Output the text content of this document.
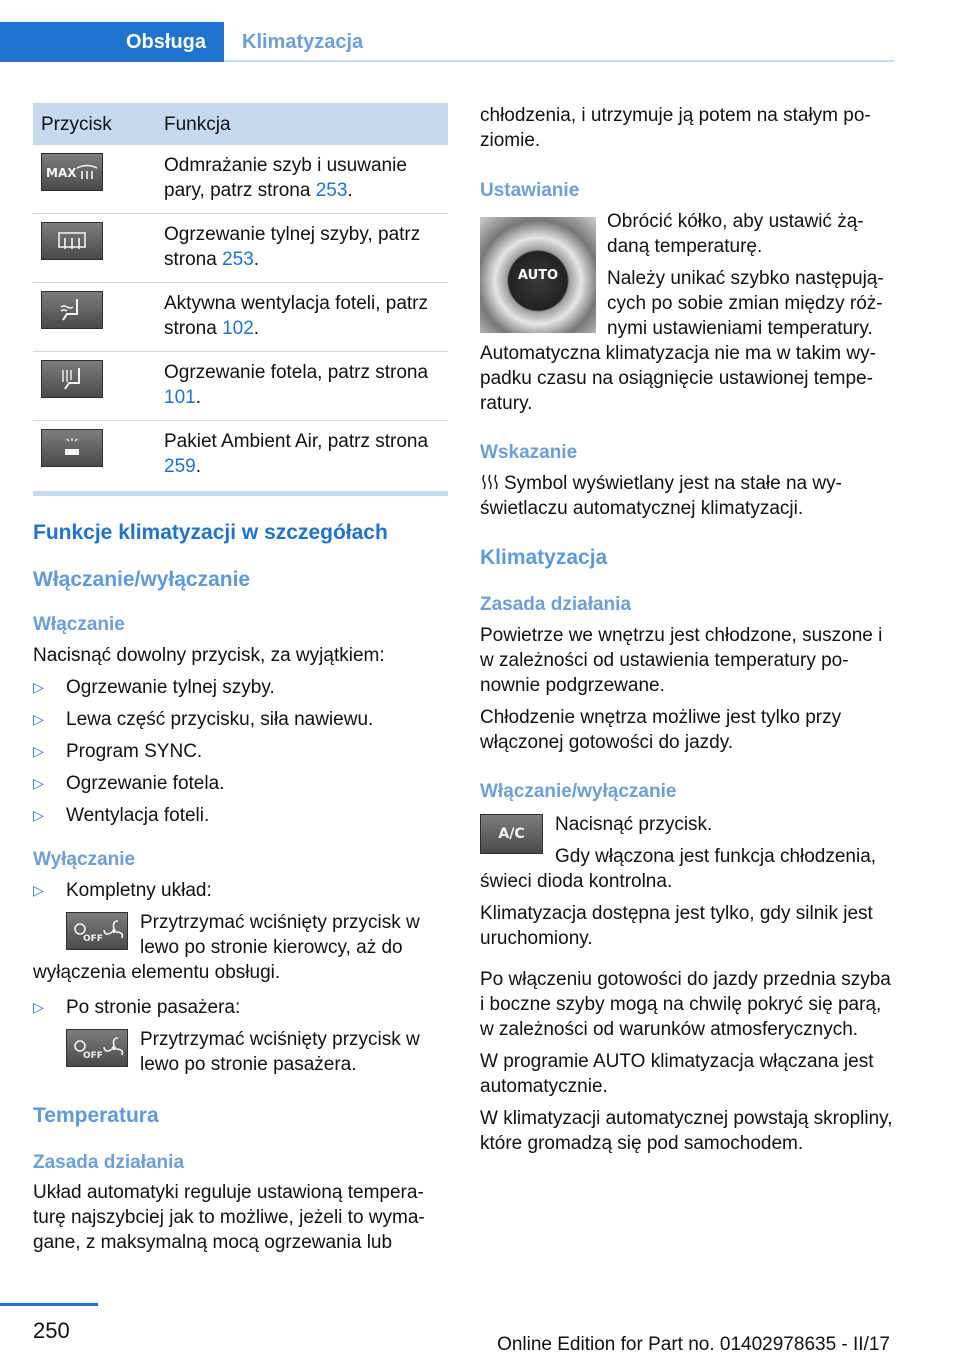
Obsługa	Klimatyzacja
Przycisk	Funkcja

MAX	Odmrażanie szyb i usuwanie pary, patrz strona 253.

	Ogrzewanie tylnej szyby, patrz strona 253.

	Aktywna wentylacja foteli, patrz strona 102.

	Ogrzewanie fotela, patrz strona 101.

	Pakiet Ambient Air, patrz strona 259.
Funkcje klimatyzacji w szczegółach
Włączanie/wyłączanie
Włączanie

Nacisnąć dowolny przycisk, za wyjątkiem:

▷ Ogrzewanie tylnej szyby.
▷ Lewa część przycisku, siła nawiewu.
▷ Program SYNC.
▷ Ogrzewanie fotela.
▷ Wentylacja foteli.
Wyłączanie
▷ Kompletny układ:
OFF

Przytrzymać wciśnięty przycisk w lewo po stronie kierowcy, aż do wyłączenia elementu obsługi.

▷ Po stronie pasażera:
OFF

Przytrzymać wciśnięty przycisk w lewo po stronie pasażera.

Temperatura
Zasada działania

Układ automatyki reguluje ustawioną temperaturę najszybciej jak to możliwe, jeżeli to wymagane, z maksymalną mocą ogrzewania lub

chłodzenia, i utrzymuje ją potem na stałym poziomie.

Ustawianie
AUTO

Obrócić kółko, aby ustawić żądaną temperaturę.

Należy unikać szybko następujących po sobie zmian między różnymi ustawieniami temperatury. Automatyczna klimatyzacja nie ma w takim wypadku czasu na osiągnięcie ustawionej temperatury.

Wskazanie

Symbol wyświetlany jest na stałe na wyświetlaczu automatycznej klimatyzacji.

Klimatyzacja
Zasada działania

Powietrze we wnętrzu jest chłodzone, suszone i w zależności od ustawienia temperatury ponownie podgrzewane.

Chłodzenie wnętrza możliwe jest tylko przy włączonej gotowości do jazdy.

Włączanie/wyłączanie
A/C	Nacisnąć przycisk.

Gdy włączona jest funkcja chłodzenia, świeci dioda kontrolna.

Klimatyzacja dostępna jest tylko, gdy silnik jest uruchomiony.

Po włączeniu gotowości do jazdy przednia szyba i boczne szyby mogą na chwilę pokryć się parą, w zależności od warunków atmosferycznych.

W programie AUTO klimatyzacja włączana jest automatycznie.

W klimatyzacji automatycznej powstają skropliny, które gromadzą się pod samochodem.

250
Online Edition for Part no. 01402978635 - II/17
